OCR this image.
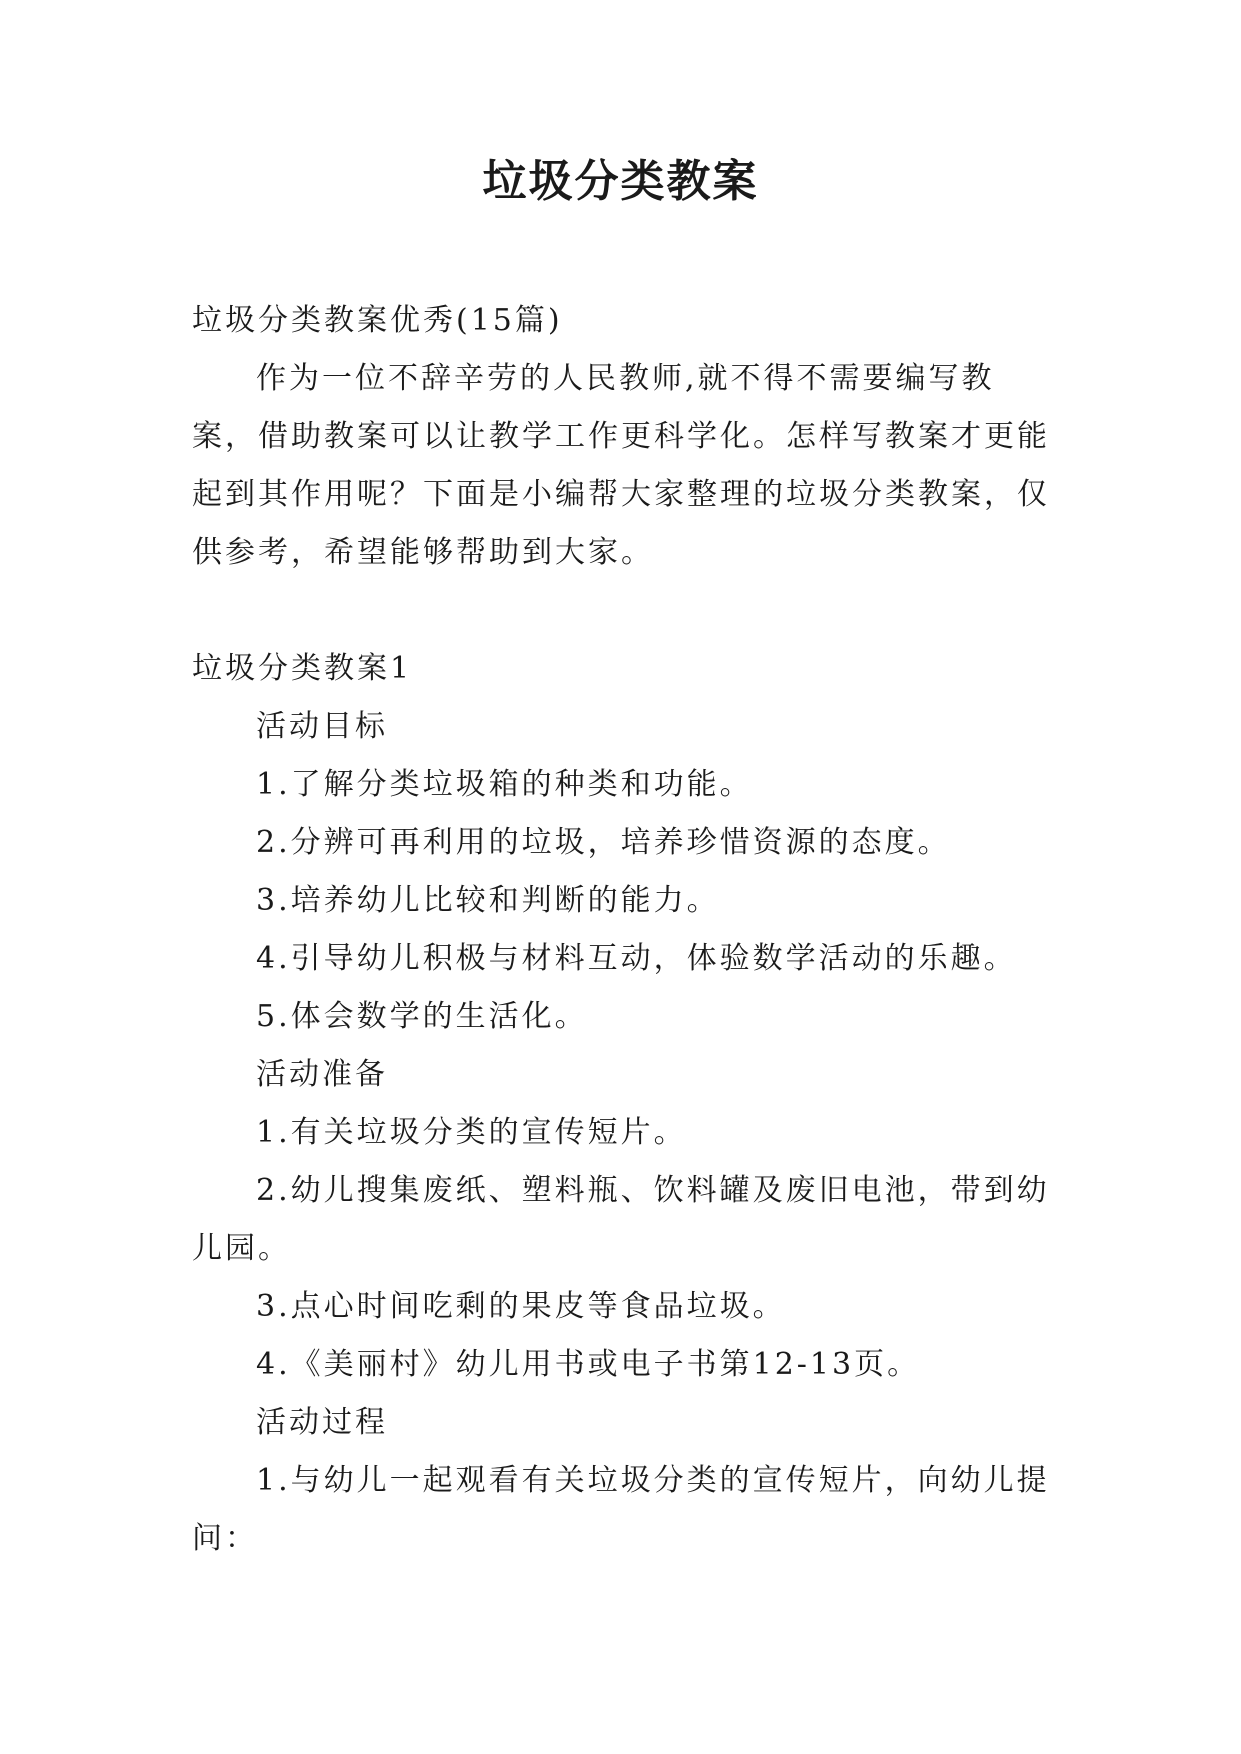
垃圾分类教案

垃圾分类教案优秀(15篇)

作为一位不辞辛劳的人民教师,就不得不需要编写教案，借助教案可以让教学工作更科学化。怎样写教案才更能起到其作用呢？下面是小编帮大家整理的垃圾分类教案，仅供参考，希望能够帮助到大家。

垃圾分类教案1

活动目标

1.了解分类垃圾箱的种类和功能。

2.分辨可再利用的垃圾，培养珍惜资源的态度。

3.培养幼儿比较和判断的能力。

4.引导幼儿积极与材料互动，体验数学活动的乐趣。

5.体会数学的生活化。

活动准备

1.有关垃圾分类的宣传短片。

2.幼儿搜集废纸、塑料瓶、饮料罐及废旧电池，带到幼儿园。

3.点心时间吃剩的果皮等食品垃圾。

4.《美丽村》幼儿用书或电子书第12-13页。

活动过程

1.与幼儿一起观看有关垃圾分类的宣传短片，向幼儿提问：
